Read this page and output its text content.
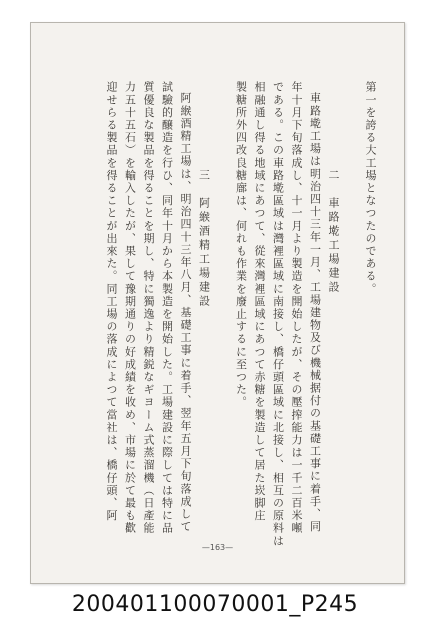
第一を誇る大工場となつたのである。
二　車路墘工場建設
車路墘工場は明治四十三年一月、工場建物及び機械据付の基礎工事に着手、同
年十月下旬落成し、十一月より製造を開始したが、その壓搾能力は一千二百米噸
である。この車路墘區域は灣裡區域に南接し、橋仔頭區域に北接し、相互の原料は
相融通し得る地域にあつて、從來灣裡區域にあつて赤糖を製造して居た崁脚庄
製糖所外四改良糖廍は、何れも作業を廢止するに至つた。
三　阿緱酒精工場建設
阿緱酒精工場は、明治四十三年八月、基礎工事に着手、翌年五月下旬落成して
試驗的醸造を行ひ、同年十月から本製造を開始した。工場建設に際しては特に品
質優良な製品を得ることを期し、特に獨逸より精鋭なギヨーム式蒸溜機（日產能
力五十五石）を輸入したが、果して豫期通りの好成績を收め、市場に於て最も歡
迎せらる製品を得ることが出來た。同工場の落成によつて當社は、橋仔頭、阿
—163—
200401100070001_P245
